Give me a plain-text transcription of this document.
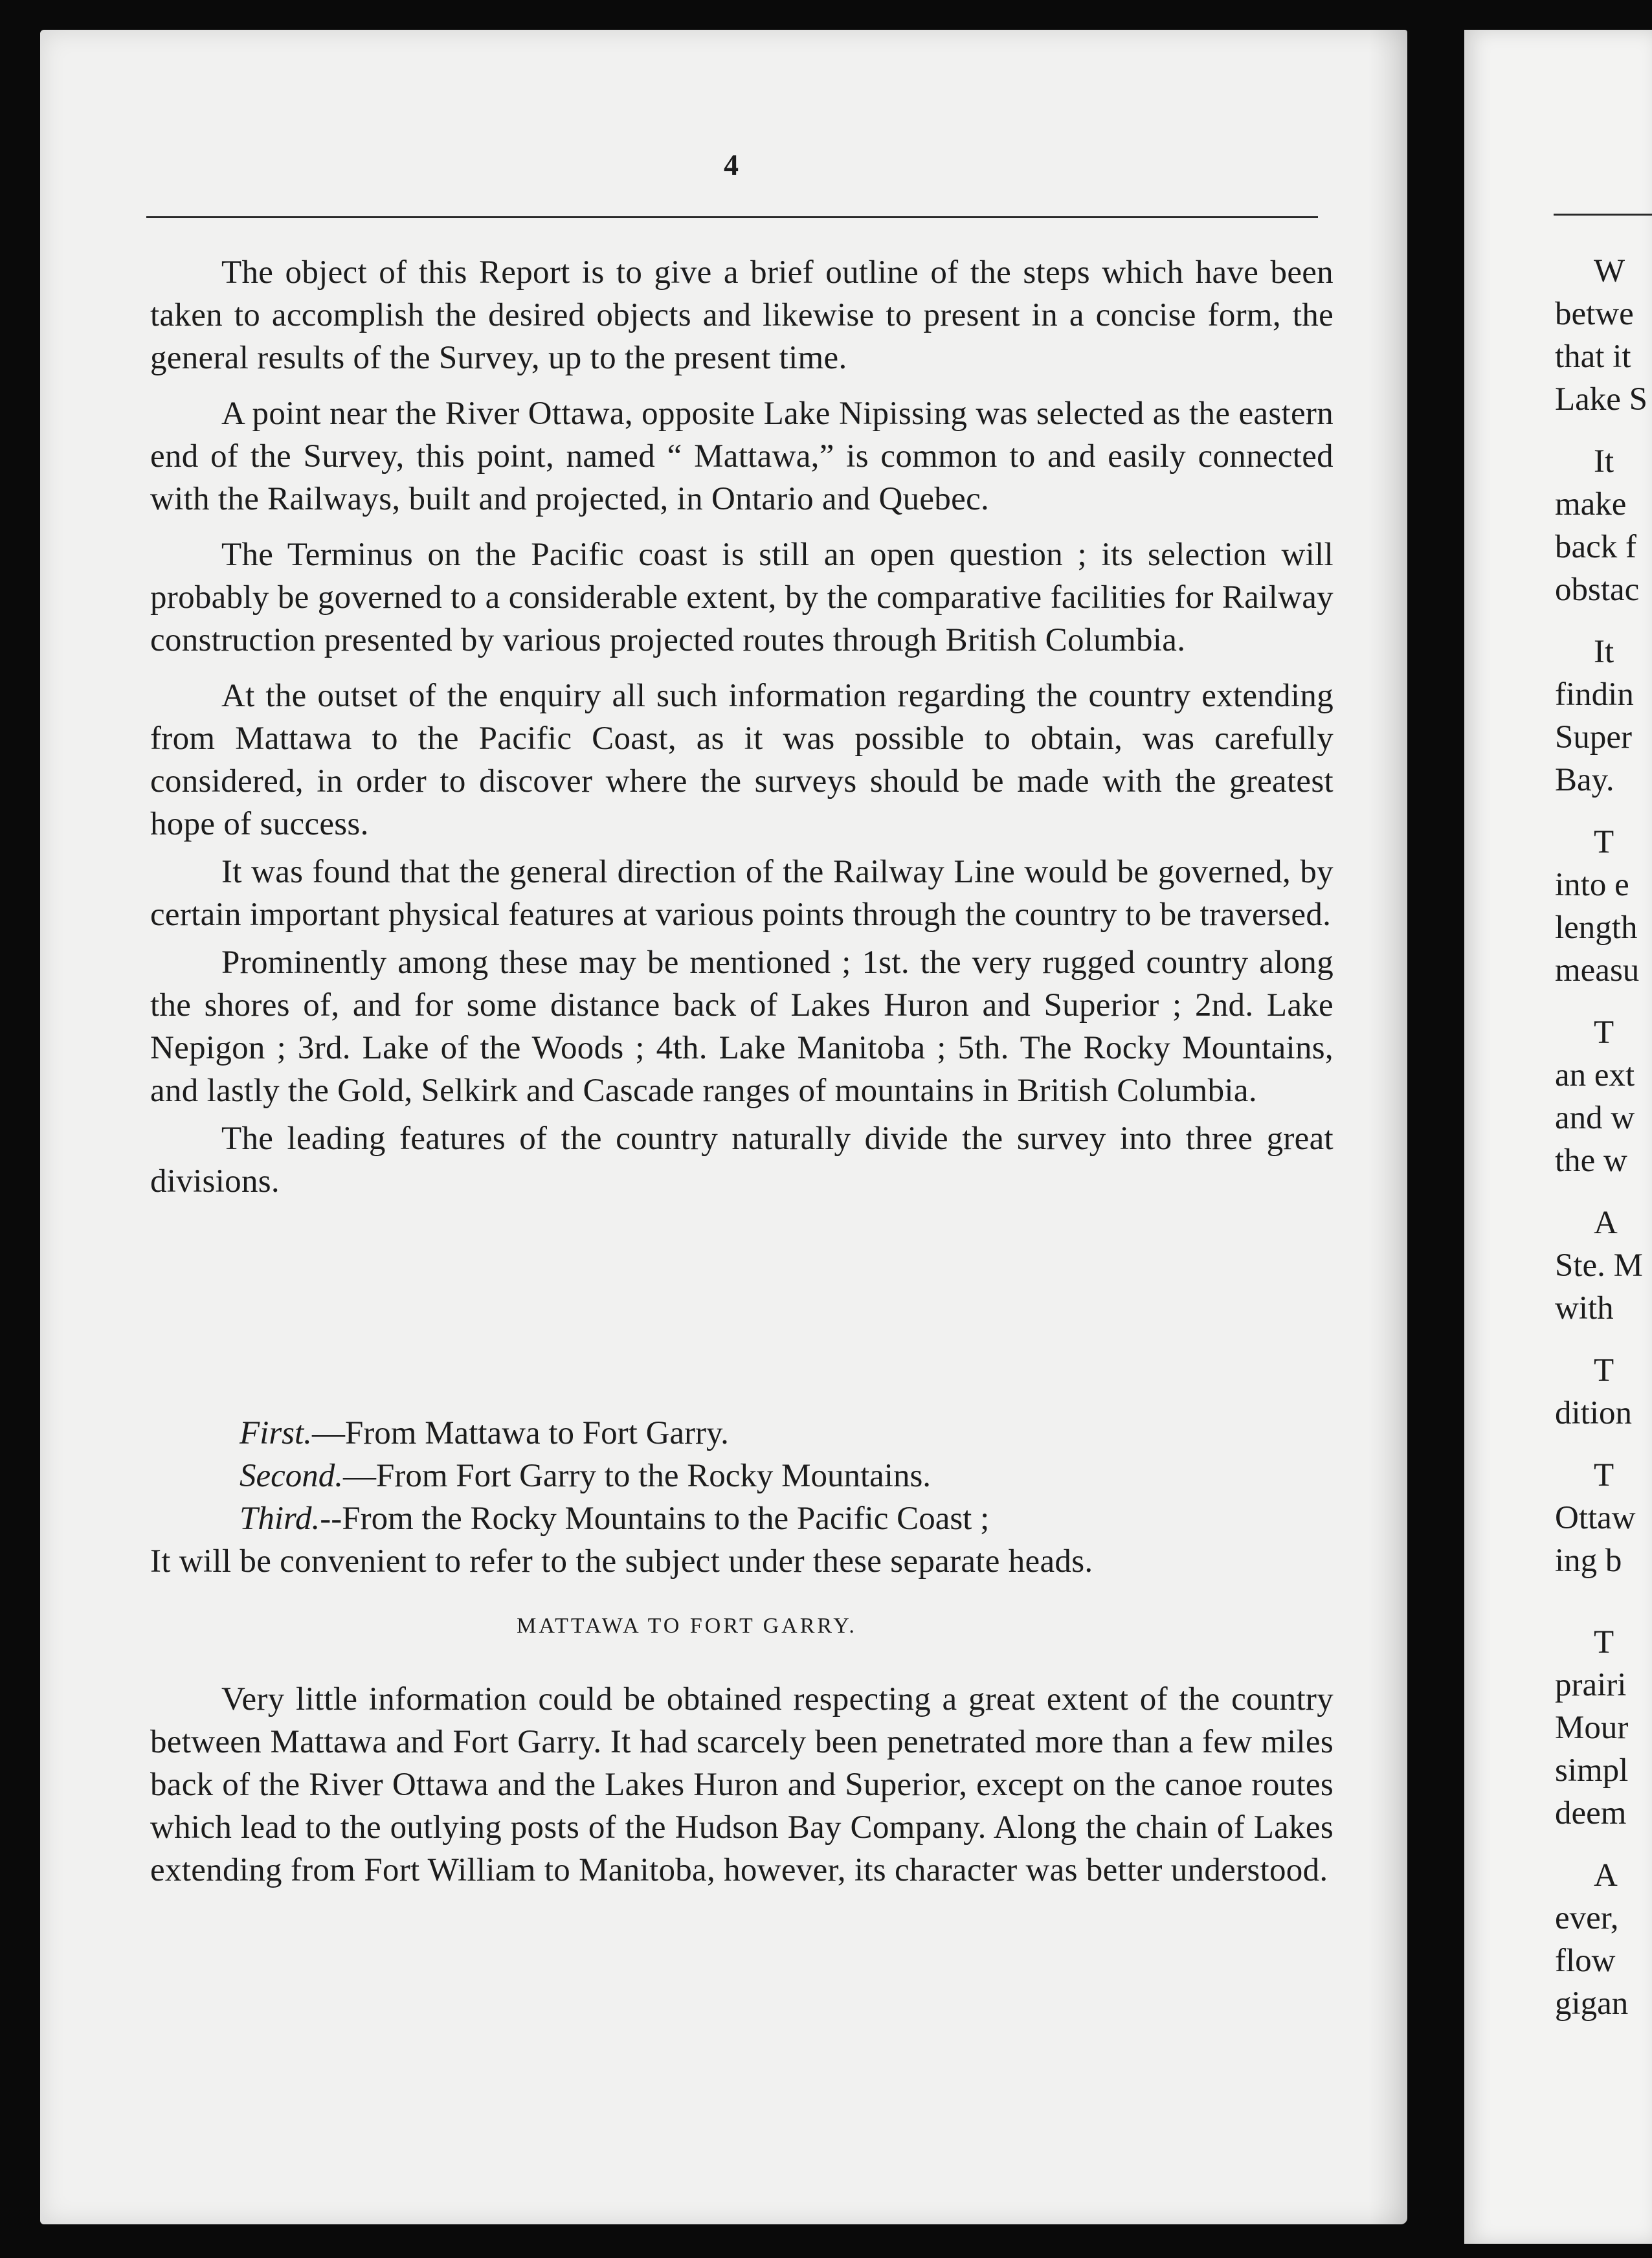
4

The object of this Report is to give a brief outline of the steps which have been taken to accomplish the desired objects and likewise to present in a concise form, the general results of the Survey, up to the present time.

A point near the River Ottawa, opposite Lake Nipissing was selected as the eastern end of the Survey, this point, named “ Mattawa,” is common to and easily connected with the Railways, built and projected, in Ontario and Quebec.

The Terminus on the Pacific coast is still an open question ; its selection will probably be governed to a considerable extent, by the comparative facilities for Railway construction presented by various projected routes through British Columbia.

At the outset of the enquiry all such information regarding the country extending from Mattawa to the Pacific Coast, as it was possible to obtain, was carefully considered, in order to discover where the surveys should be made with the greatest hope of success.

It was found that the general direction of the Railway Line would be governed, by certain important physical features at various points through the country to be traversed.

Prominently among these may be mentioned ; 1st. the very rugged country along the shores of, and for some distance back of Lakes Huron and Superior ; 2nd. Lake Nepigon ; 3rd. Lake of the Woods ; 4th. Lake Manitoba ; 5th. The Rocky Mountains, and lastly the Gold, Selkirk and Cascade ranges of mountains in British Columbia.

The leading features of the country naturally divide the survey into three great divisions.

First.—From Mattawa to Fort Garry.
Second.—From Fort Garry to the Rocky Mountains.
Third.--From the Rocky Mountains to the Pacific Coast ;

It will be convenient to refer to the subject under these separate heads.

MATTAWA TO FORT GARRY.

Very little information could be obtained respecting a great extent of the country between Mattawa and Fort Garry. It had scarcely been penetrated more than a few miles back of the River Ottawa and the Lakes Huron and Superior, except on the canoe routes which lead to the outlying posts of the Hudson Bay Company. Along the chain of Lakes extending from Fort William to Manitoba, however, its character was better understood.

W
betwe
that it
Lake S
It
make
back f
obstac
It
findin
Super
Bay.
T
into e
length
measu
T
an ext
and w
the w
A
Ste. M
with
T
dition
T
Ottaw
ing b
T
prairi
Mour
simpl
deem
A
ever,
flow
gigan
